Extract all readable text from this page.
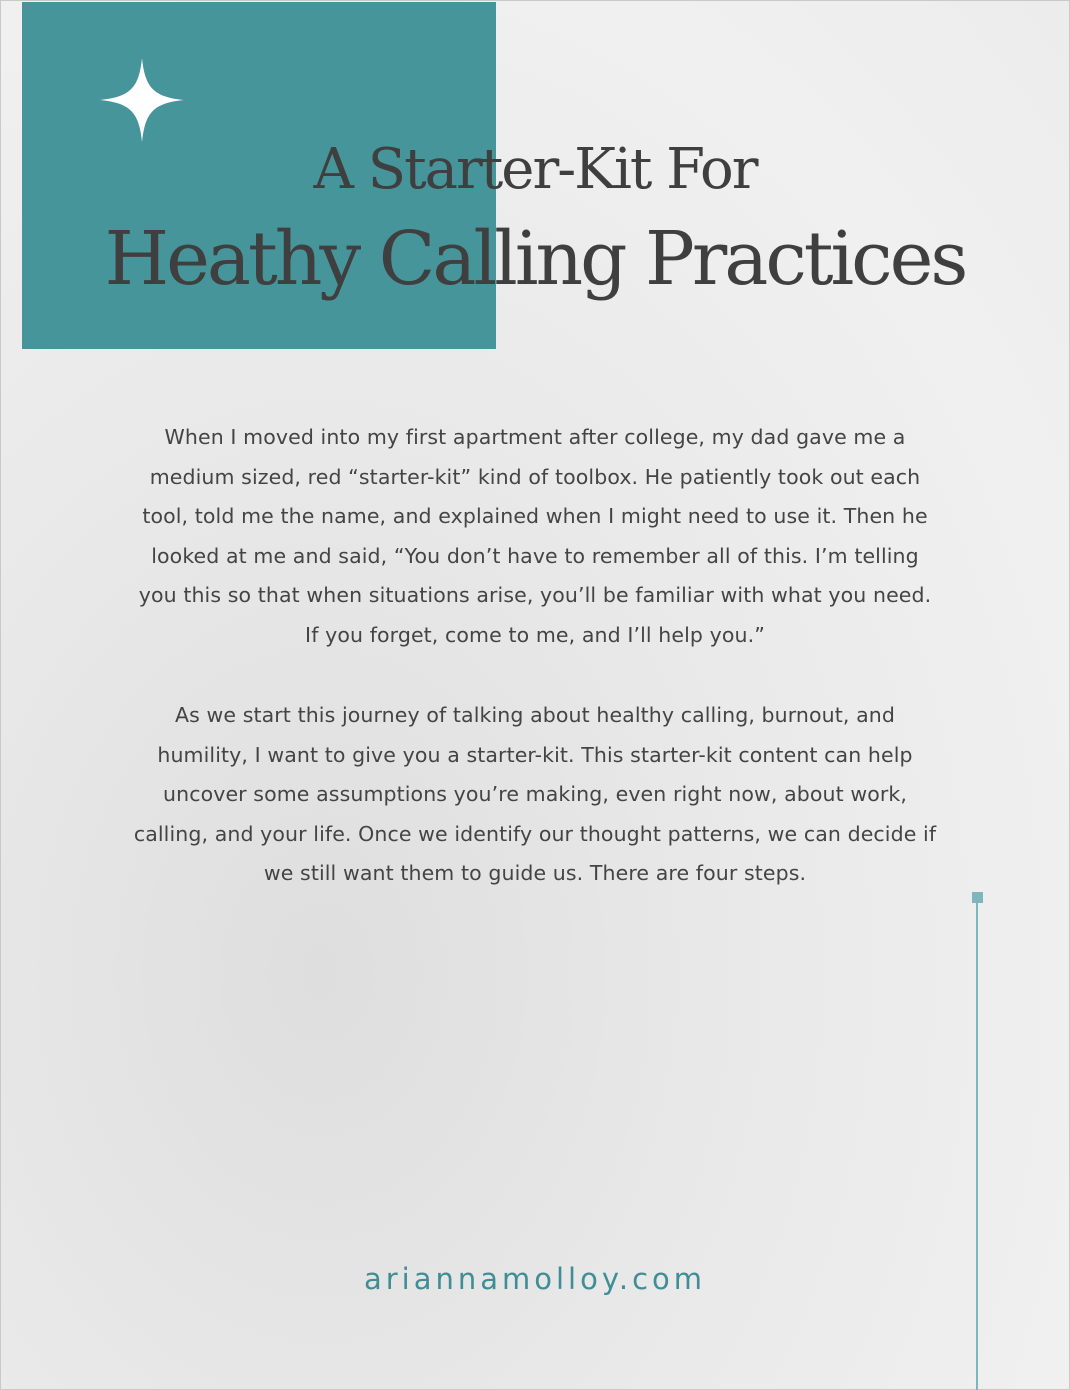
A Starter-Kit For
Heathy Calling Practices

When I moved into my first apartment after college, my dad gave me a medium sized, red “starter-kit” kind of toolbox. He patiently took out each tool, told me the name, and explained when I might need to use it. Then he looked at me and said, “You don’t have to remember all of this. I’m telling you this so that when situations arise, you’ll be familiar with what you need. If you forget, come to me, and I’ll help you.”

As we start this journey of talking about healthy calling, burnout, and humility, I want to give you a starter-kit. This starter-kit content can help uncover some assumptions you’re making, even right now, about work, calling, and your life. Once we identify our thought patterns, we can decide if we still want them to guide us. There are four steps.

ariannamolloy.com
